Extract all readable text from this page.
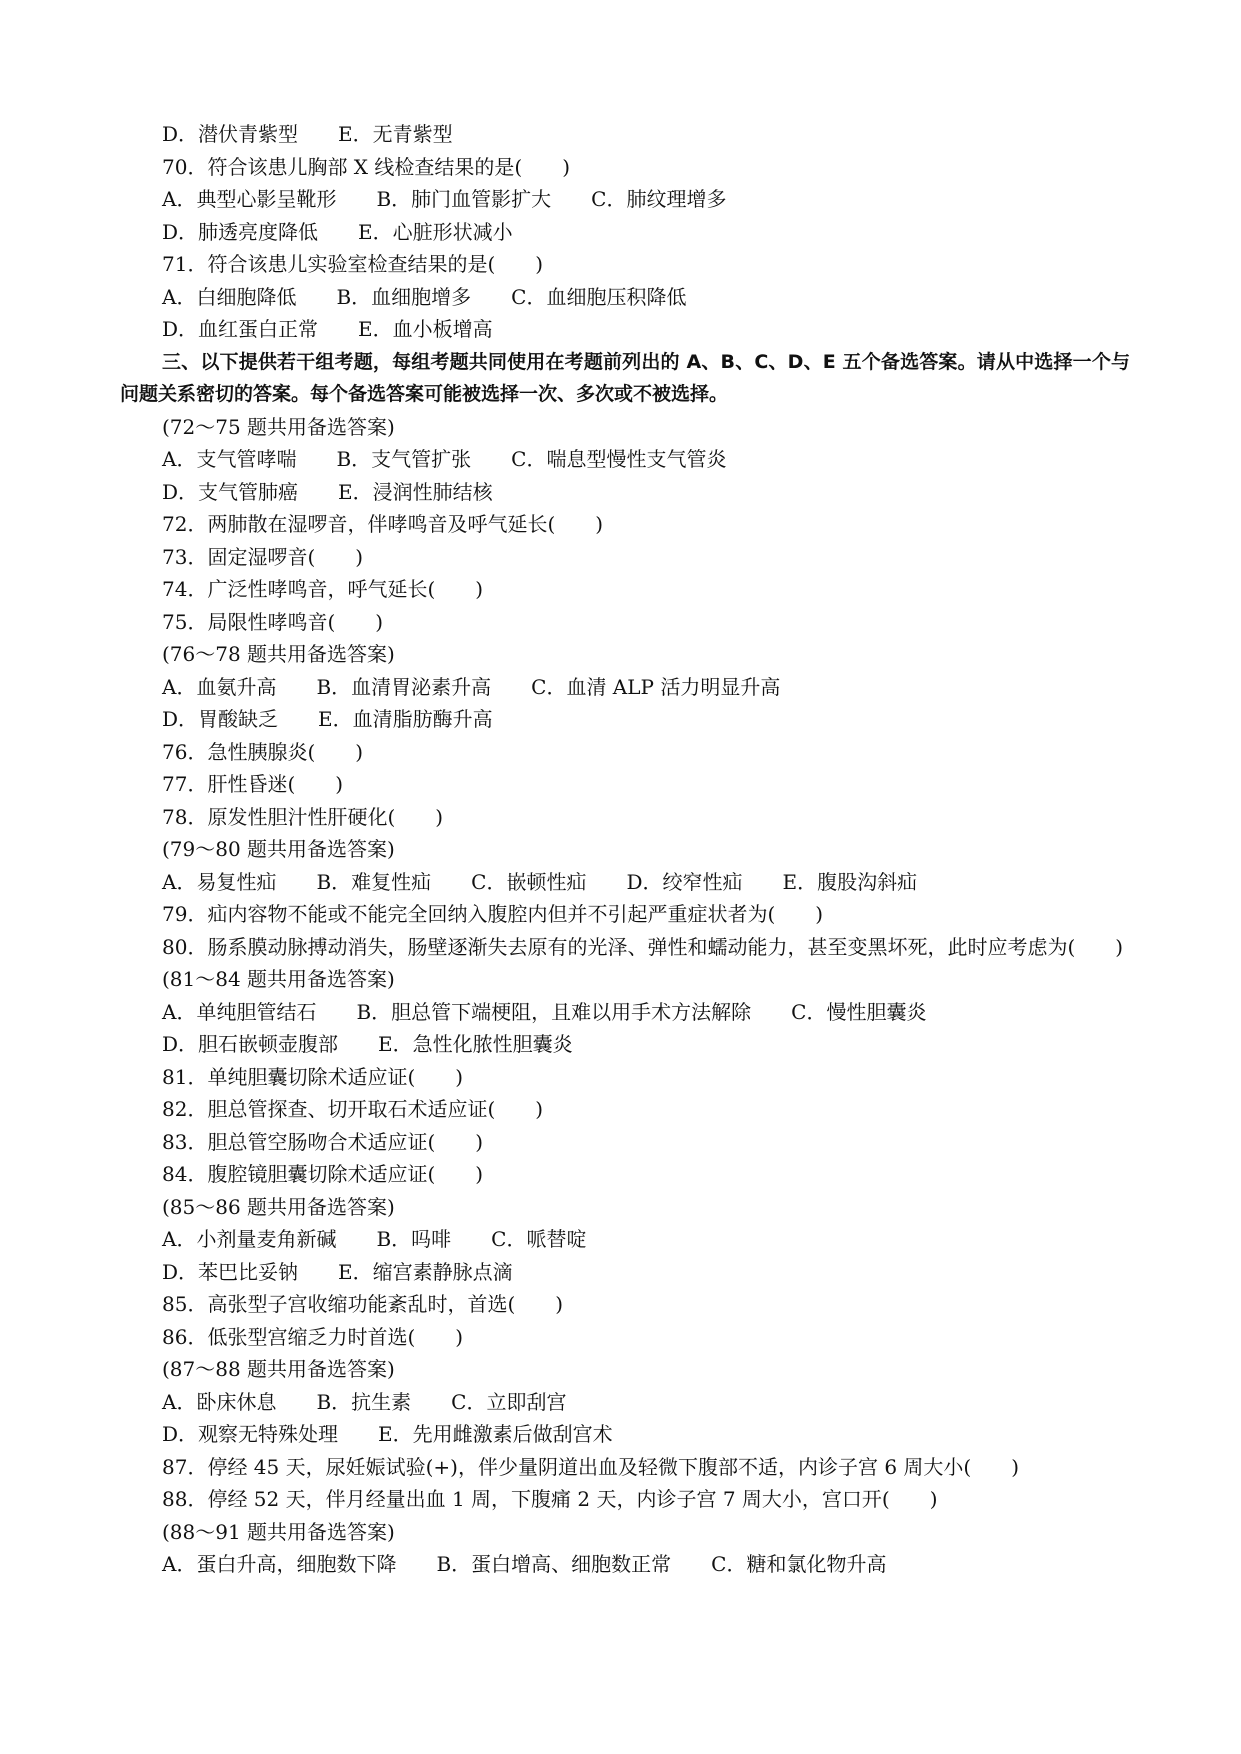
D．潜伏青紫型　　E．无青紫型
70．符合该患儿胸部 X 线检查结果的是(　　)
A．典型心影呈靴形　　B．肺门血管影扩大　　C．肺纹理增多
D．肺透亮度降低　　E．心脏形状减小
71．符合该患儿实验室检查结果的是(　　)
A．白细胞降低　　B．血细胞增多　　C．血细胞压积降低
D．血红蛋白正常　　E．血小板增高
三、以下提供若干组考题，每组考题共同使用在考题前列出的 A、B、C、D、E 五个备选答案。请从中选择一个与问题关系密切的答案。每个备选答案可能被选择一次、多次或不被选择。
(72～75 题共用备选答案)
A．支气管哮喘　　B．支气管扩张　　C．喘息型慢性支气管炎
D．支气管肺癌　　E．浸润性肺结核
72．两肺散在湿啰音，伴哮鸣音及呼气延长(　　)
73．固定湿啰音(　　)
74．广泛性哮鸣音，呼气延长(　　)
75．局限性哮鸣音(　　)
(76～78 题共用备选答案)
A．血氨升高　　B．血清胃泌素升高　　C．血清 ALP 活力明显升高
D．胃酸缺乏　　E．血清脂肪酶升高
76．急性胰腺炎(　　)
77．肝性昏迷(　　)
78．原发性胆汁性肝硬化(　　)
(79～80 题共用备选答案)
A．易复性疝　　B．难复性疝　　C．嵌顿性疝　　D．绞窄性疝　　E．腹股沟斜疝
79．疝内容物不能或不能完全回纳入腹腔内但并不引起严重症状者为(　　)
80．肠系膜动脉搏动消失，肠壁逐渐失去原有的光泽、弹性和蠕动能力，甚至变黑坏死，此时应考虑为(　　)
(81～84 题共用备选答案)
A．单纯胆管结石　　B．胆总管下端梗阻，且难以用手术方法解除　　C．慢性胆囊炎
D．胆石嵌顿壶腹部　　E．急性化脓性胆囊炎
81．单纯胆囊切除术适应证(　　)
82．胆总管探查、切开取石术适应证(　　)
83．胆总管空肠吻合术适应证(　　)
84．腹腔镜胆囊切除术适应证(　　)
(85～86 题共用备选答案)
A．小剂量麦角新碱　　B．吗啡　　C．哌替啶
D．苯巴比妥钠　　E．缩宫素静脉点滴
85．高张型子宫收缩功能紊乱时，首选(　　)
86．低张型宫缩乏力时首选(　　)
(87～88 题共用备选答案)
A．卧床休息　　B．抗生素　　C．立即刮宫
D．观察无特殊处理　　E．先用雌激素后做刮宫术
87．停经 45 天，尿妊娠试验(+)，伴少量阴道出血及轻微下腹部不适，内诊子宫 6 周大小(　　)
88．停经 52 天，伴月经量出血 1 周，下腹痛 2 天，内诊子宫 7 周大小，宫口开(　　)
(88～91 题共用备选答案)
A．蛋白升高，细胞数下降　　B．蛋白增高、细胞数正常　　C．糖和氯化物升高
